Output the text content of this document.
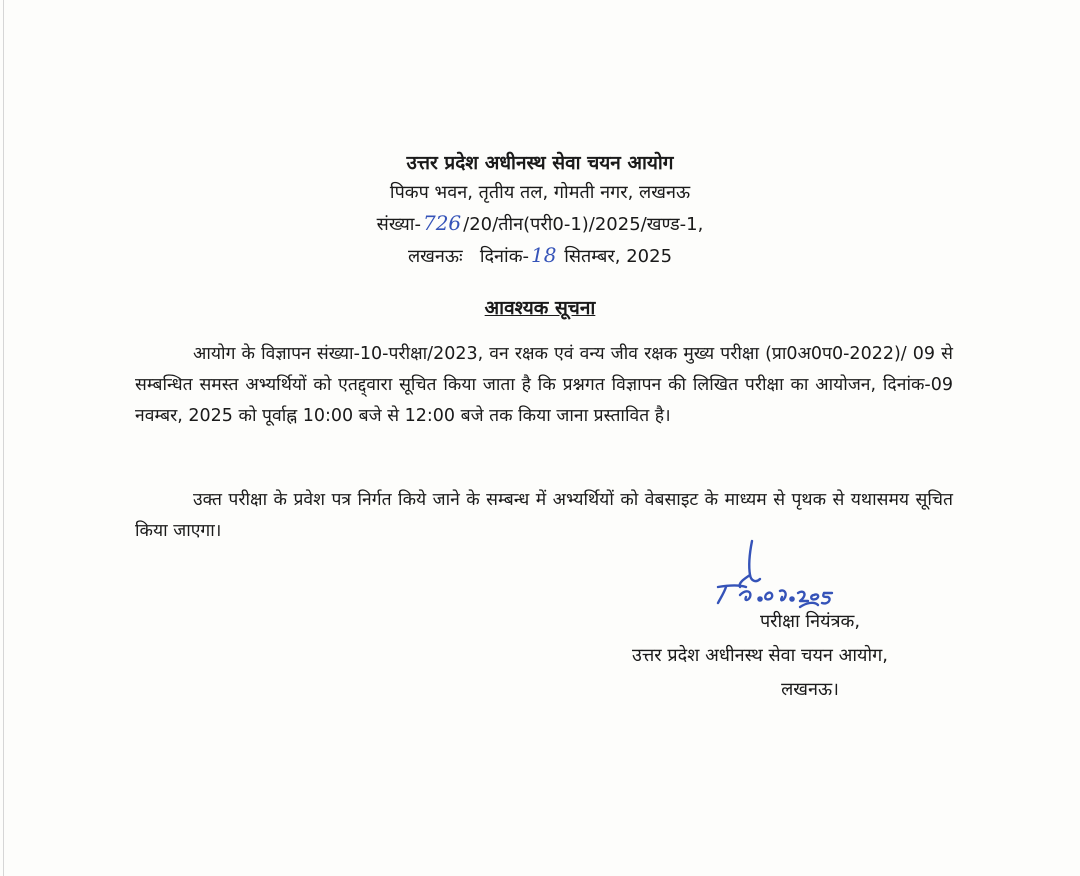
उत्तर प्रदेश अधीनस्थ सेवा चयन आयोग
पिकप भवन, तृतीय तल, गोमती नगर, लखनऊ
संख्या- 726 /20/तीन(परी0-1)/2025/खण्ड-1,
लखनऊः   दिनांक- 18 सितम्बर, 2025
आवश्यक सूचना

आयोग के विज्ञापन संख्या-10-परीक्षा/2023, वन रक्षक एवं वन्य जीव रक्षक मुख्य परीक्षा (प्रा0अ0प0-2022)/ 09 से सम्बन्धित समस्त अभ्यर्थियों को एतद्द्वारा सूचित किया जाता है कि प्रश्नगत विज्ञापन की लिखित परीक्षा का आयोजन, दिनांक-09 नवम्बर, 2025 को पूर्वाह्न 10:00 बजे से 12:00 बजे तक किया जाना प्रस्तावित है।

उक्त परीक्षा के प्रवेश पत्र निर्गत किये जाने के सम्बन्ध में अभ्यर्थियों को वेबसाइट के माध्यम से पृथक से यथासमय सूचित किया जाएगा।

परीक्षा नियंत्रक,
उत्तर प्रदेश अधीनस्थ सेवा चयन आयोग,
लखनऊ।
